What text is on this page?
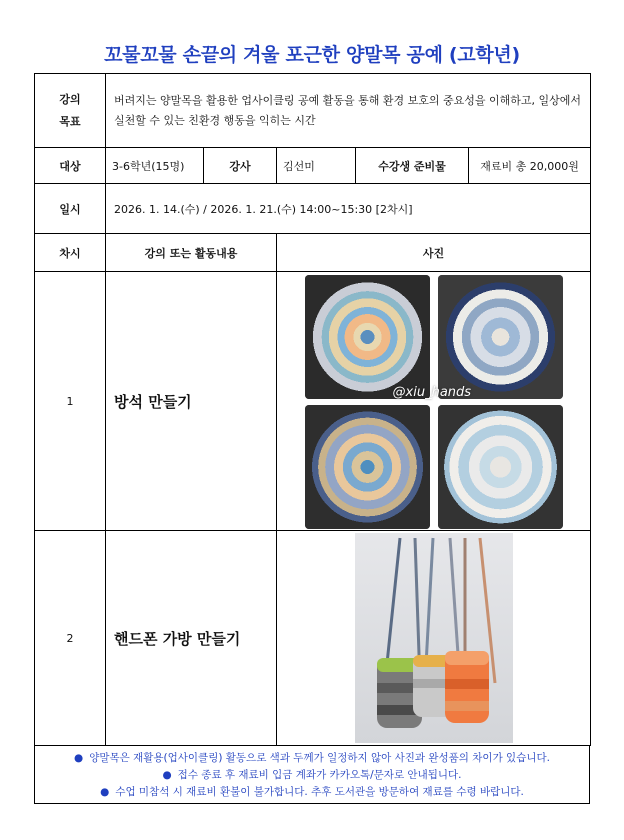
꼬물꼬물 손끝의 겨울 포근한 양말목 공예 (고학년)
강의
목표	버려지는 양말목을 활용한 업사이클링 공예 활동을 통해 환경 보호의 중요성을 이해하고, 일상에서 실천할 수 있는 친환경 행동을 익히는 시간				
대상	3-6학년(15명)	강사	김선미	수강생 준비물	재료비 총 20,000원
일시	2026. 1. 14.(수) / 2026. 1. 21.(수) 14:00~15:30 [2차시]				
차시	강의 또는 활동내용		사진		
1	방석 만들기		@xiu_hands		

2	핸드폰 가방 만들기	
● 양말목은 재활용(업사이클링) 활동으로 색과 두께가 일정하지 않아 사진과 완성품의 차이가 있습니다.
● 접수 종료 후 재료비 입금 계좌가 카카오톡/문자로 안내됩니다.
● 수업 미참석 시 재료비 환불이 불가합니다. 추후 도서관을 방문하여 재료를 수령 바랍니다.
